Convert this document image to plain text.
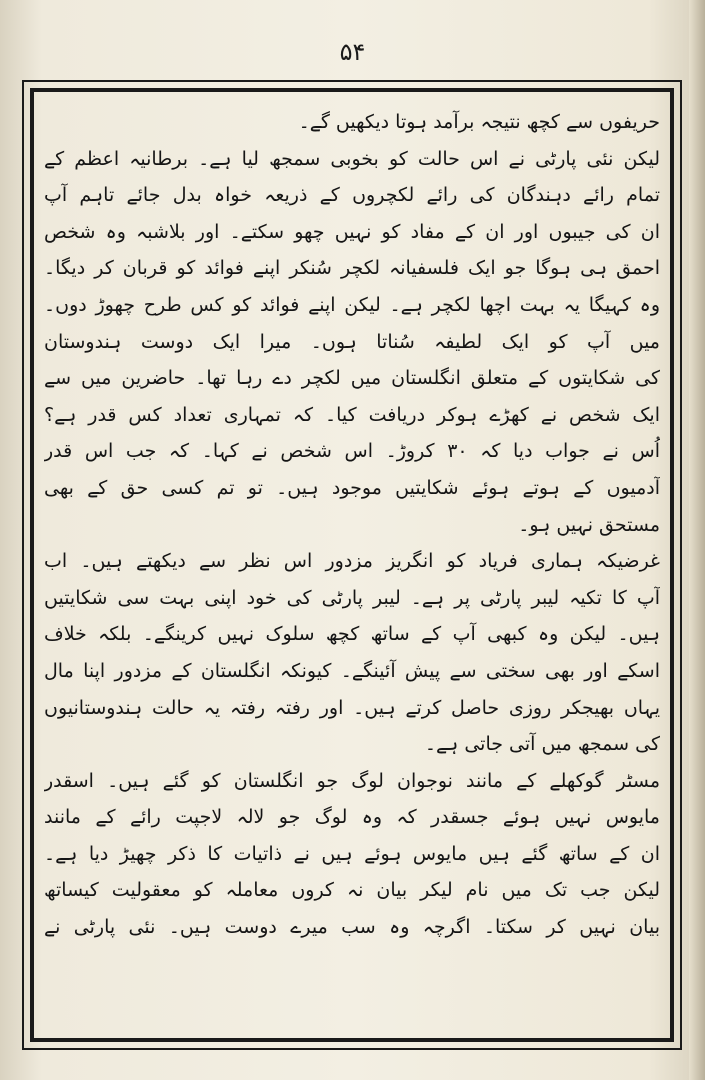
۵۴
حریفوں سے کچھ نتیجہ برآمد ہوتا دیکھیں گے۔
لیکن نئی پارٹی نے اس حالت کو بخوبی سمجھ لیا ہے۔ برطانیہ اعظم کے
تمام رائے دہندگان کی رائے لکچروں کے ذریعہ خواہ بدل جائے تاہم آپ
ان کی جیبوں اور ان کے مفاد کو نہیں چھو سکتے۔ اور بلاشبہ وہ شخص
احمق ہی ہوگا جو ایک فلسفیانہ لکچر سُنکر اپنے فوائد کو قربان کر دیگا۔
وہ کہیگا یہ بہت اچھا لکچر ہے۔ لیکن اپنے فوائد کو کس طرح چھوڑ دوں۔
میں آپ کو ایک لطیفہ سُناتا ہوں۔ میرا ایک دوست ہندوستان
کی شکایتوں کے متعلق انگلستان میں لکچر دے رہا تھا۔ حاضرین میں سے
ایک شخص نے کھڑے ہوکر دریافت کیا۔ کہ تمہاری تعداد کس قدر ہے؟
اُس نے جواب دیا کہ ۳۰ کروڑ۔ اس شخص نے کہا۔ کہ جب اس قدر
آدمیوں کے ہوتے ہوئے شکایتیں موجود ہیں۔ تو تم کسی حق کے بھی
مستحق نہیں ہو۔
غرضیکہ ہماری فریاد کو انگریز مزدور اس نظر سے دیکھتے ہیں۔ اب
آپ کا تکیہ لیبر پارٹی پر ہے۔ لیبر پارٹی کی خود اپنی بہت سی شکایتیں
ہیں۔ لیکن وہ کبھی آپ کے ساتھ کچھ سلوک نہیں کرینگے۔ بلکہ خلاف
اسکے اور بھی سختی سے پیش آئینگے۔ کیونکہ انگلستان کے مزدور اپنا مال
یہاں بھیجکر روزی حاصل کرتے ہیں۔ اور رفتہ رفتہ یہ حالت ہندوستانیوں
کی سمجھ میں آتی جاتی ہے۔
مسٹر گوکھلے کے مانند نوجوان لوگ جو انگلستان کو گئے ہیں۔ اسقدر
مایوس نہیں ہوئے جسقدر کہ وہ لوگ جو لالہ لاجپت رائے کے مانند
ان کے ساتھ گئے ہیں مایوس ہوئے ہیں نے ذاتیات کا ذکر چھیڑ دیا ہے۔
لیکن جب تک میں نام لیکر بیان نہ کروں معاملہ کو معقولیت کیساتھ
بیان نہیں کر سکتا۔ اگرچہ وہ سب میرے دوست ہیں۔ نئی پارٹی نے
